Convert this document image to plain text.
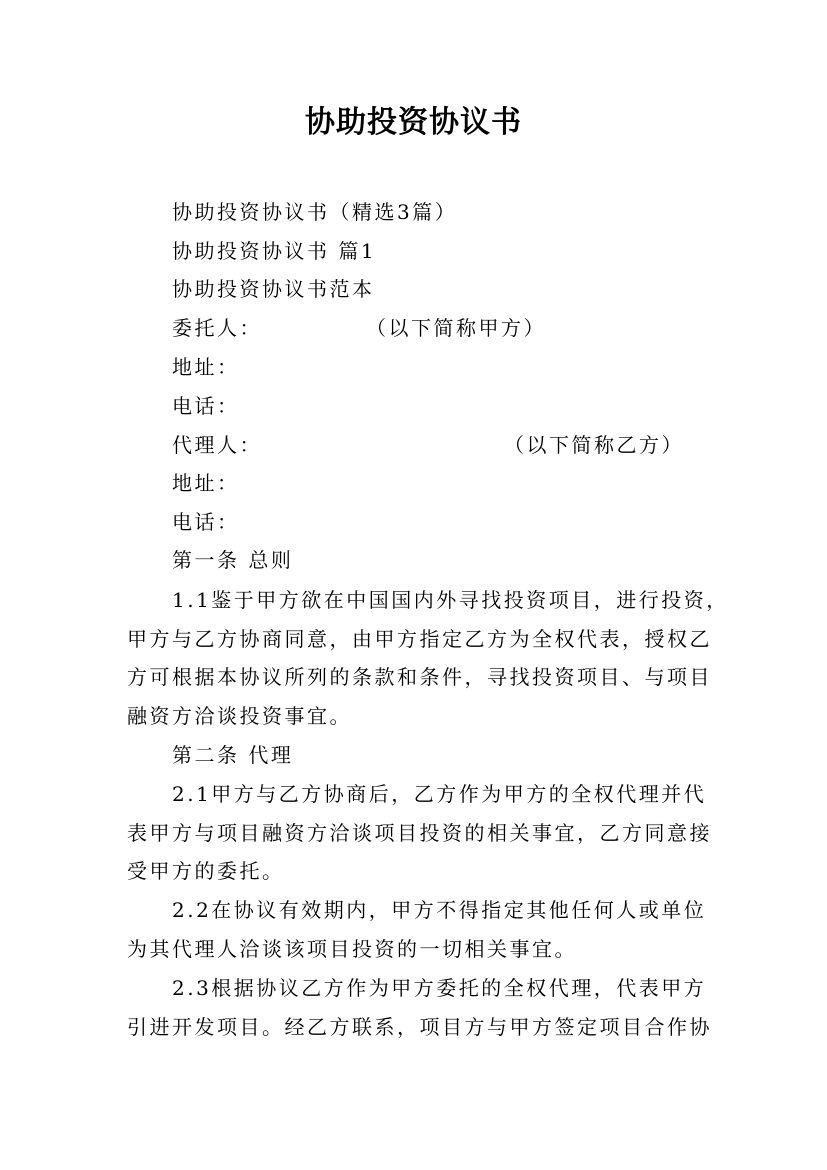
协助投资协议书
协助投资协议书（精选3篇）
协助投资协议书 篇1
协助投资协议书范本
委托人：	（以下简称甲方）
地址：
电话：
代理人：	（以下简称乙方）
地址：
电话：
第一条 总则
1.1鉴于甲方欲在中国国内外寻找投资项目，进行投资，
甲方与乙方协商同意，由甲方指定乙方为全权代表，授权乙
方可根据本协议所列的条款和条件，寻找投资项目、与项目
融资方洽谈投资事宜。
第二条 代理
2.1甲方与乙方协商后，乙方作为甲方的全权代理并代
表甲方与项目融资方洽谈项目投资的相关事宜，乙方同意接
受甲方的委托。
2.2在协议有效期内，甲方不得指定其他任何人或单位
为其代理人洽谈该项目投资的一切相关事宜。
2.3根据协议乙方作为甲方委托的全权代理，代表甲方
引进开发项目。经乙方联系，项目方与甲方签定项目合作协
